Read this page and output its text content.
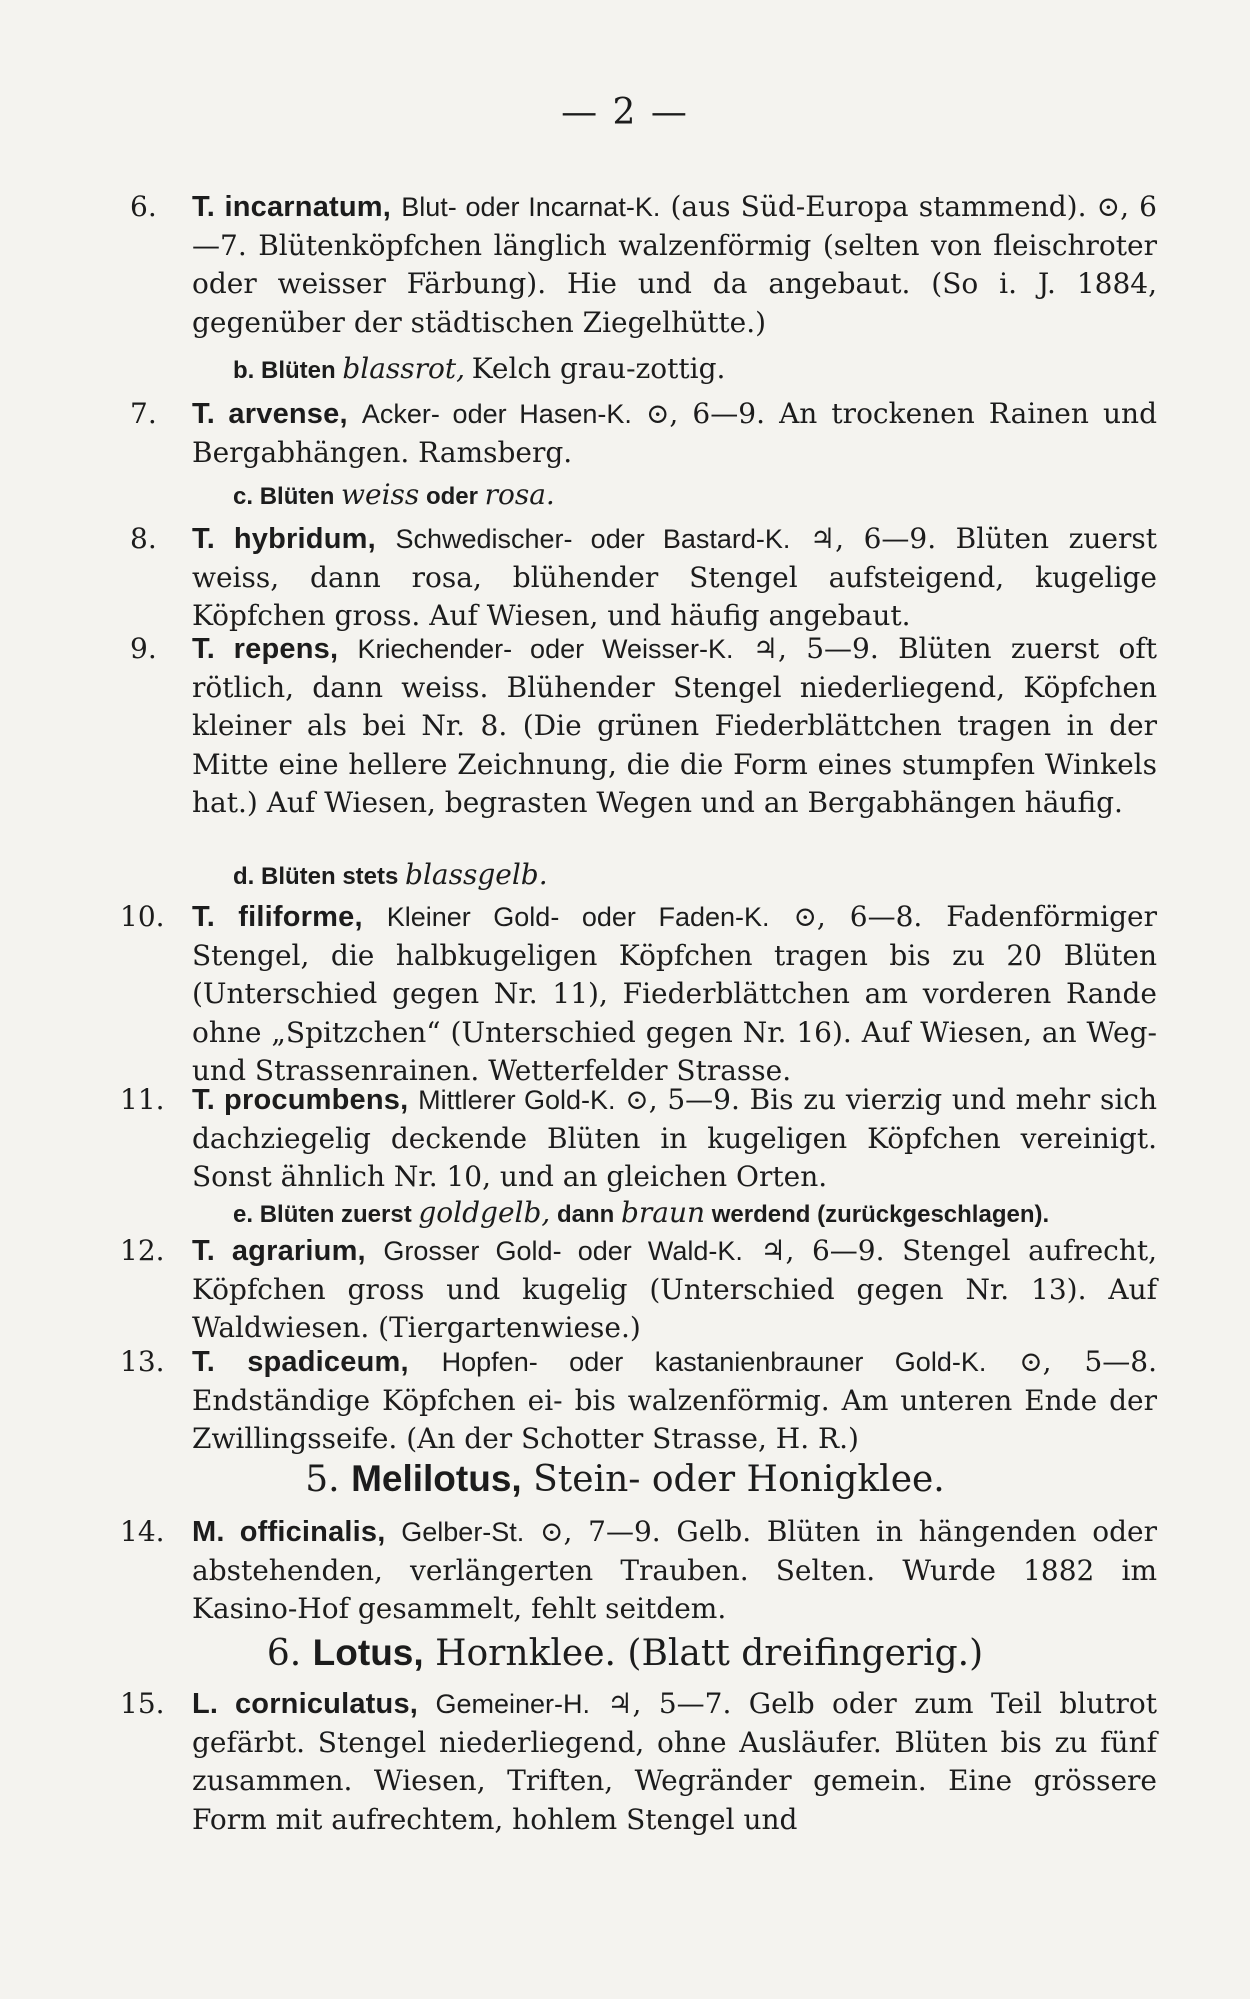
— 2 —
6. T. incarnatum, Blut- oder Incarnat-K. (aus Süd-Europa stammend). ⊙, 6—7. Blütenköpfchen länglich walzenförmig (selten von fleischroter oder weisser Färbung). Hie und da angebaut. (So i. J. 1884, gegenüber der städtischen Ziegelhütte.)
b. Blüten blassrot, Kelch grau-zottig.
7. T. arvense, Acker- oder Hasen-K. ⊙, 6—9. An trockenen Rainen und Bergabhängen. Ramsberg.
c. Blüten weiss oder rosa.
8. T. hybridum, Schwedischer- oder Bastard-K. ♃, 6—9. Blüten zuerst weiss, dann rosa, blühender Stengel aufsteigend, kugelige Köpfchen gross. Auf Wiesen, und häufig angebaut.
9. T. repens, Kriechender- oder Weisser-K. ♃, 5—9. Blüten zuerst oft rötlich, dann weiss. Blühender Stengel niederliegend, Köpfchen kleiner als bei Nr. 8. (Die grünen Fiederblättchen tragen in der Mitte eine hellere Zeichnung, die die Form eines stumpfen Winkels hat.) Auf Wiesen, begrasten Wegen und an Bergabhängen häufig.
d. Blüten stets blassgelb.
10. T. filiforme, Kleiner Gold- oder Faden-K. ⊙, 6—8. Fadenförmiger Stengel, die halbkugeligen Köpfchen tragen bis zu 20 Blüten (Unterschied gegen Nr. 11), Fiederblättchen am vorderen Rande ohne „Spitzchen“ (Unterschied gegen Nr. 16). Auf Wiesen, an Weg- und Strassenrainen. Wetterfelder Strasse.
11. T. procumbens, Mittlerer Gold-K. ⊙, 5—9. Bis zu vierzig und mehr sich dachziegelig deckende Blüten in kugeligen Köpfchen vereinigt. Sonst ähnlich Nr. 10, und an gleichen Orten.
e. Blüten zuerst goldgelb, dann braun werdend (zurückgeschlagen).
12. T. agrarium, Grosser Gold- oder Wald-K. ♃, 6—9. Stengel aufrecht, Köpfchen gross und kugelig (Unterschied gegen Nr. 13). Auf Waldwiesen. (Tiergartenwiese.)
13. T. spadiceum, Hopfen- oder kastanienbrauner Gold-K. ⊙, 5—8. Endständige Köpfchen ei- bis walzenförmig. Am unteren Ende der Zwillingsseife. (An der Schotter Strasse, H. R.)
5. Melilotus, Stein- oder Honigklee.
14. M. officinalis, Gelber-St. ⊙, 7—9. Gelb. Blüten in hängenden oder abstehenden, verlängerten Trauben. Selten. Wurde 1882 im Kasino-Hof gesammelt, fehlt seitdem.
6. Lotus, Hornklee. (Blatt dreifingerig.)
15. L. corniculatus, Gemeiner-H. ♃, 5—7. Gelb oder zum Teil blutrot gefärbt. Stengel niederliegend, ohne Ausläufer. Blüten bis zu fünf zusammen. Wiesen, Triften, Wegränder gemein. Eine grössere Form mit aufrechtem, hohlem Stengel und
